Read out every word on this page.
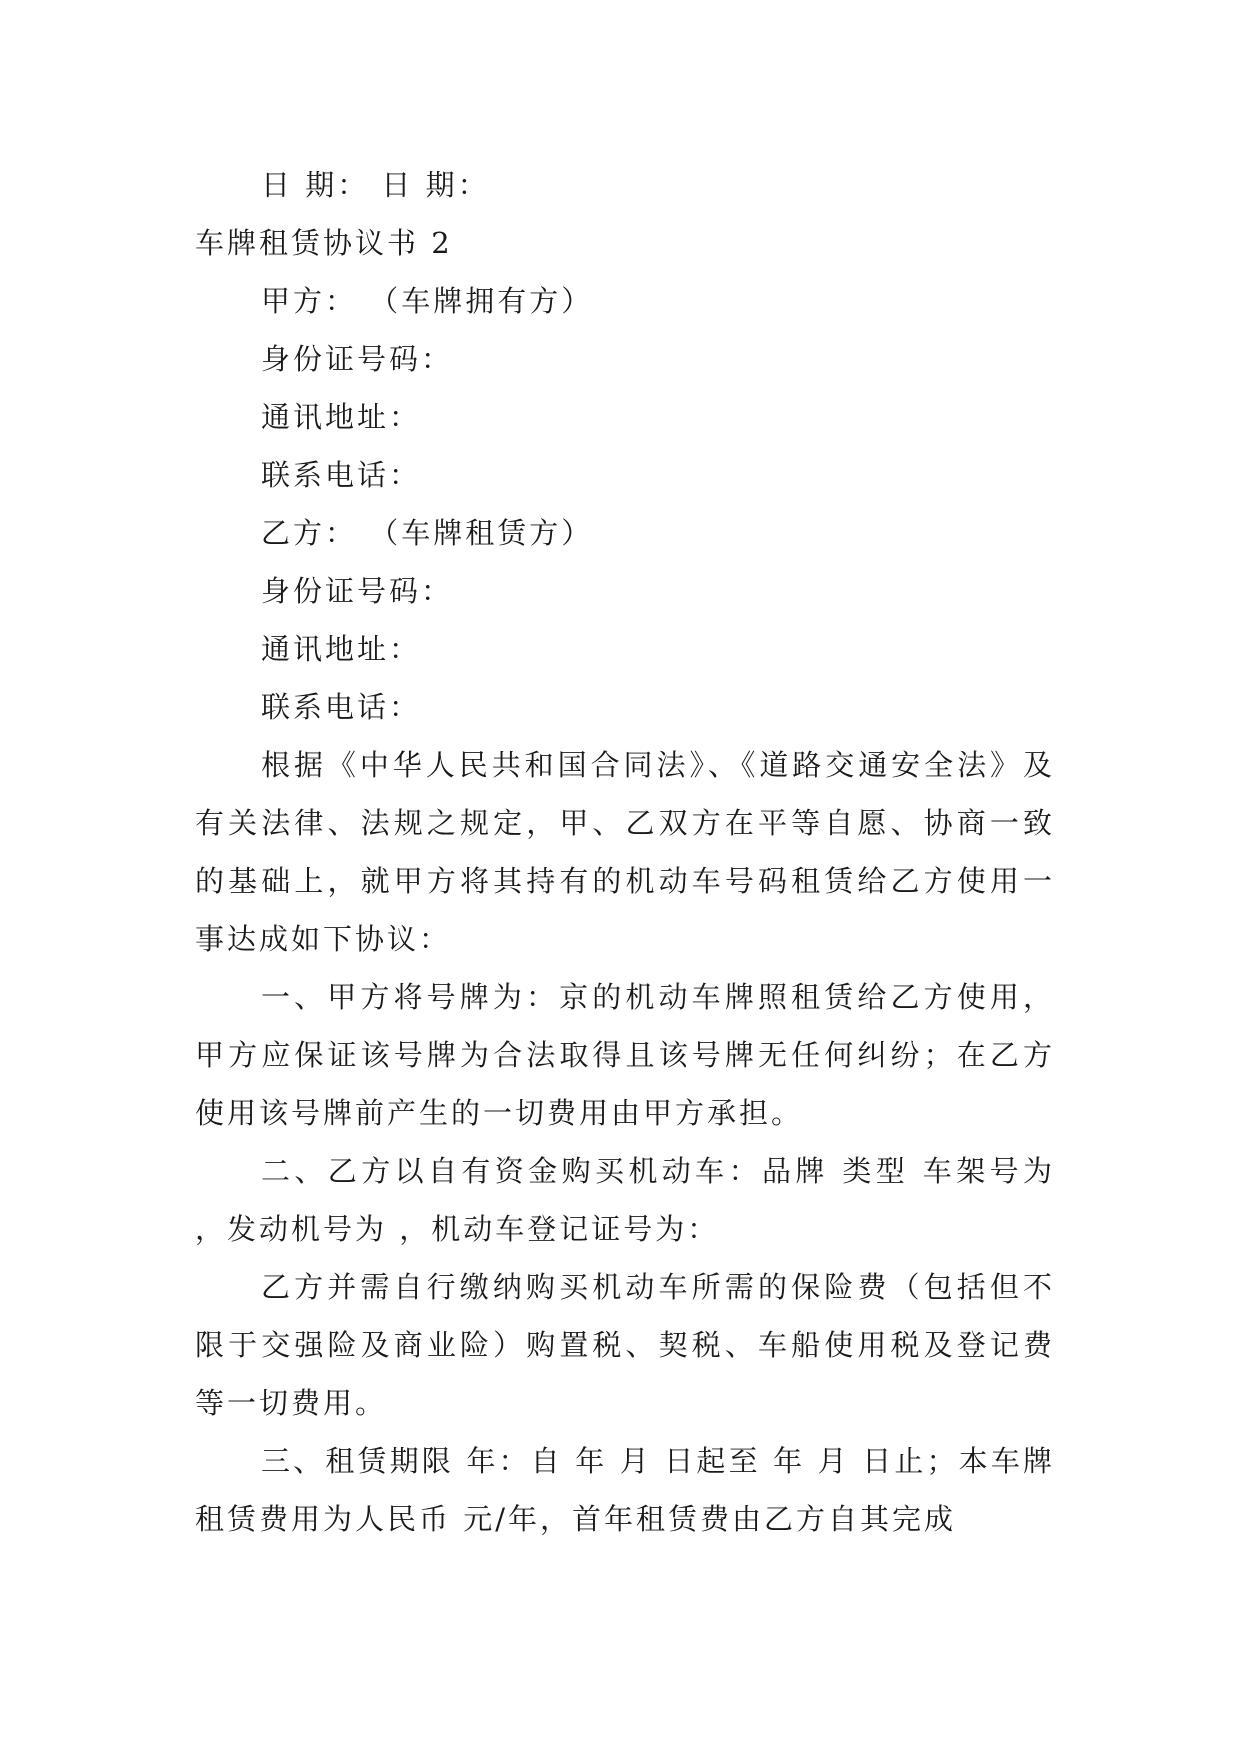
日 期： 日 期：

车牌租赁协议书 2

甲方： （车牌拥有方）

身份证号码：

通讯地址：

联系电话：

乙方： （车牌租赁方）

身份证号码：

通讯地址：

联系电话：

根据《中华人民共和国合同法》、《道路交通安全法》及有关法律、法规之规定，甲、乙双方在平等自愿、协商一致的基础上，就甲方将其持有的机动车号码租赁给乙方使用一事达成如下协议：

一、甲方将号牌为：京的机动车牌照租赁给乙方使用，甲方应保证该号牌为合法取得且该号牌无任何纠纷；在乙方使用该号牌前产生的一切费用由甲方承担。

二、乙方以自有资金购买机动车：品牌 类型 车架号为 ，发动机号为 ，机动车登记证号为：

乙方并需自行缴纳购买机动车所需的保险费（包括但不限于交强险及商业险）购置税、契税、车船使用税及登记费等一切费用。

三、租赁期限 年：自 年 月 日起至 年 月 日止；本车牌租赁费用为人民币 元/年，首年租赁费由乙方自其完成
